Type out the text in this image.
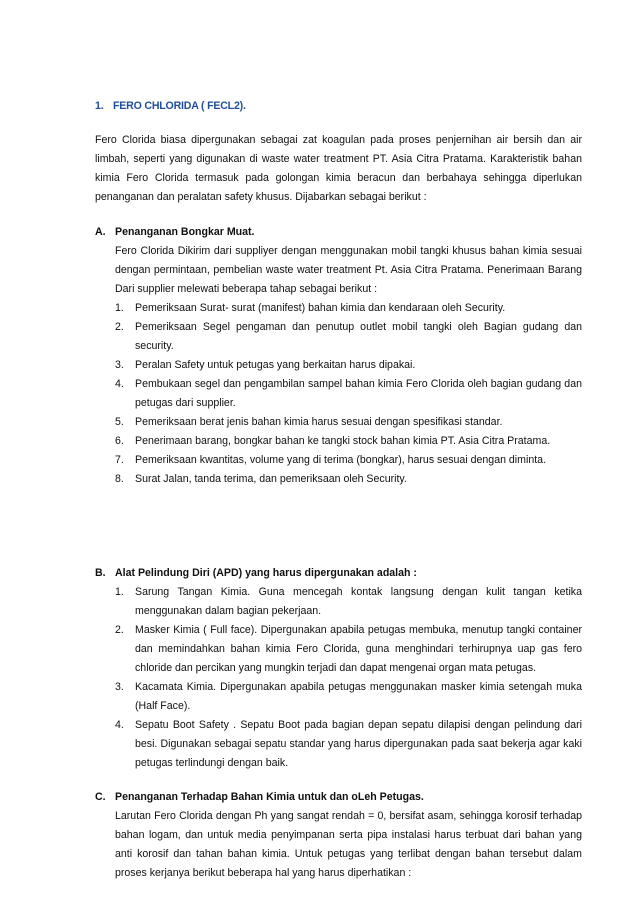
1. FERO CHLORIDA ( FECL2).

Fero Clorida biasa dipergunakan sebagai zat koagulan pada proses penjernihan air bersih dan air limbah, seperti yang digunakan di waste water treatment PT. Asia Citra Pratama. Karakteristik bahan kimia Fero Clorida termasuk pada golongan kimia beracun dan berbahaya sehingga diperlukan penanganan dan peralatan safety khusus. Dijabarkan sebagai berikut :

A. Penanganan Bongkar Muat.

Fero Clorida Dikirim dari suppliyer dengan menggunakan mobil tangki khusus bahan kimia sesuai dengan permintaan, pembelian waste water treatment Pt. Asia Citra Pratama. Penerimaan Barang Dari supplier melewati beberapa tahap sebagai berikut :

1. Pemeriksaan Surat- surat (manifest) bahan kimia dan kendaraan oleh Security.
2. Pemeriksaan Segel pengaman dan penutup outlet mobil tangki oleh Bagian gudang dan security.
3. Peralan Safety untuk petugas yang berkaitan harus dipakai.
4. Pembukaan segel dan pengambilan sampel bahan kimia Fero Clorida oleh bagian gudang dan petugas dari supplier.
5. Pemeriksaan berat jenis bahan kimia harus sesuai dengan spesifikasi standar.
6. Penerimaan barang, bongkar bahan ke tangki stock bahan kimia PT. Asia Citra Pratama.
7. Pemeriksaan kwantitas, volume yang di terima (bongkar), harus sesuai dengan diminta.
8. Surat Jalan, tanda terima, dan pemeriksaan oleh Security.
B. Alat Pelindung Diri (APD) yang harus dipergunakan adalah :
1. Sarung Tangan Kimia. Guna mencegah kontak langsung dengan kulit tangan ketika menggunakan dalam bagian pekerjaan.
2. Masker Kimia ( Full face). Dipergunakan apabila petugas membuka, menutup tangki container dan memindahkan bahan kimia Fero Clorida, guna menghindari terhirupnya uap gas fero chloride dan percikan yang mungkin terjadi dan dapat mengenai organ mata petugas.
3. Kacamata Kimia. Dipergunakan apabila petugas menggunakan masker kimia setengah muka (Half Face).
4. Sepatu Boot Safety . Sepatu Boot pada bagian depan sepatu dilapisi dengan pelindung dari besi. Digunakan sebagai sepatu standar yang harus dipergunakan pada saat bekerja agar kaki petugas terlindungi dengan baik.
C. Penanganan Terhadap Bahan Kimia untuk dan oLeh Petugas.

Larutan Fero Clorida dengan Ph yang sangat rendah = 0, bersifat asam, sehingga korosif terhadap bahan logam, dan untuk media penyimpanan serta pipa instalasi harus terbuat dari bahan yang anti korosif dan tahan bahan kimia. Untuk petugas yang terlibat dengan bahan tersebut dalam proses kerjanya berikut beberapa hal yang harus diperhatikan :
